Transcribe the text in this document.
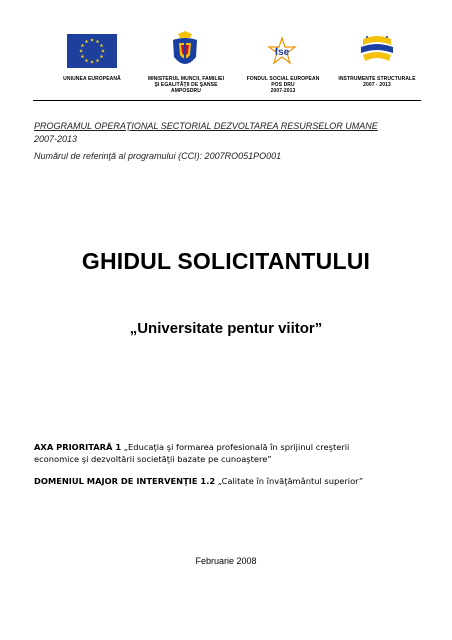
UNIUNEA EUROPEANĂ	MINISTERUL MUNCII, FAMILIEI
ŞI EGALITĂŢII DE ŞANSE
AMPOSDRU
fse
FONDUL SOCIAL EUROPEAN
POS DRU
2007-2013
INSTRUMENTE STRUCTURALE
2007 - 2013
PROGRAMUL OPERAŢIONAL SECTORIAL DEZVOLTAREA RESURSELOR UMANE
2007-2013
Numărul de referinţă al programului (CCI): 2007RO051PO001
GHIDUL SOLICITANTULUI
„Universitate pentur viitor”
AXA PRIORITARĂ 1 „Educaţia şi formarea profesională în sprijinul creşterii
economice şi dezvoltării societăţii bazate pe cunoaştere”
DOMENIUL MAJOR DE INTERVENŢIE 1.2 „Calitate în învăţământul superior”
Februarie 2008
